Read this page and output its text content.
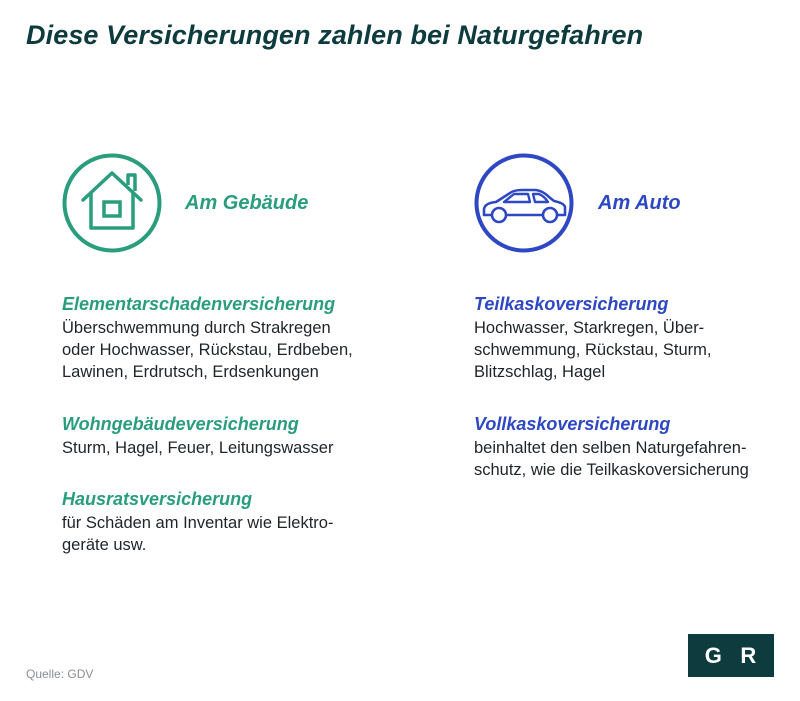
Diese Versicherungen zahlen bei Naturgefahren
Am Gebäude

Elementarschadenversicherung

Überschwemmung durch Strakregen
oder Hochwasser, Rückstau, Erdbeben,
Lawinen, Erdrutsch, Erdsenkungen

Wohngebäudeversicherung

Sturm, Hagel, Feuer, Leitungswasser

Hausratsversicherung

für Schäden am Inventar wie Elektro-
geräte usw.

Am Auto

Teilkaskoversicherung

Hochwasser, Starkregen, Über-
schwemmung, Rückstau, Sturm,
Blitzschlag, Hagel

Vollkaskoversicherung

beinhaltet den selben Naturgefahren-
schutz, wie die Teilkaskoversicherung

Quelle: GDV
G R
